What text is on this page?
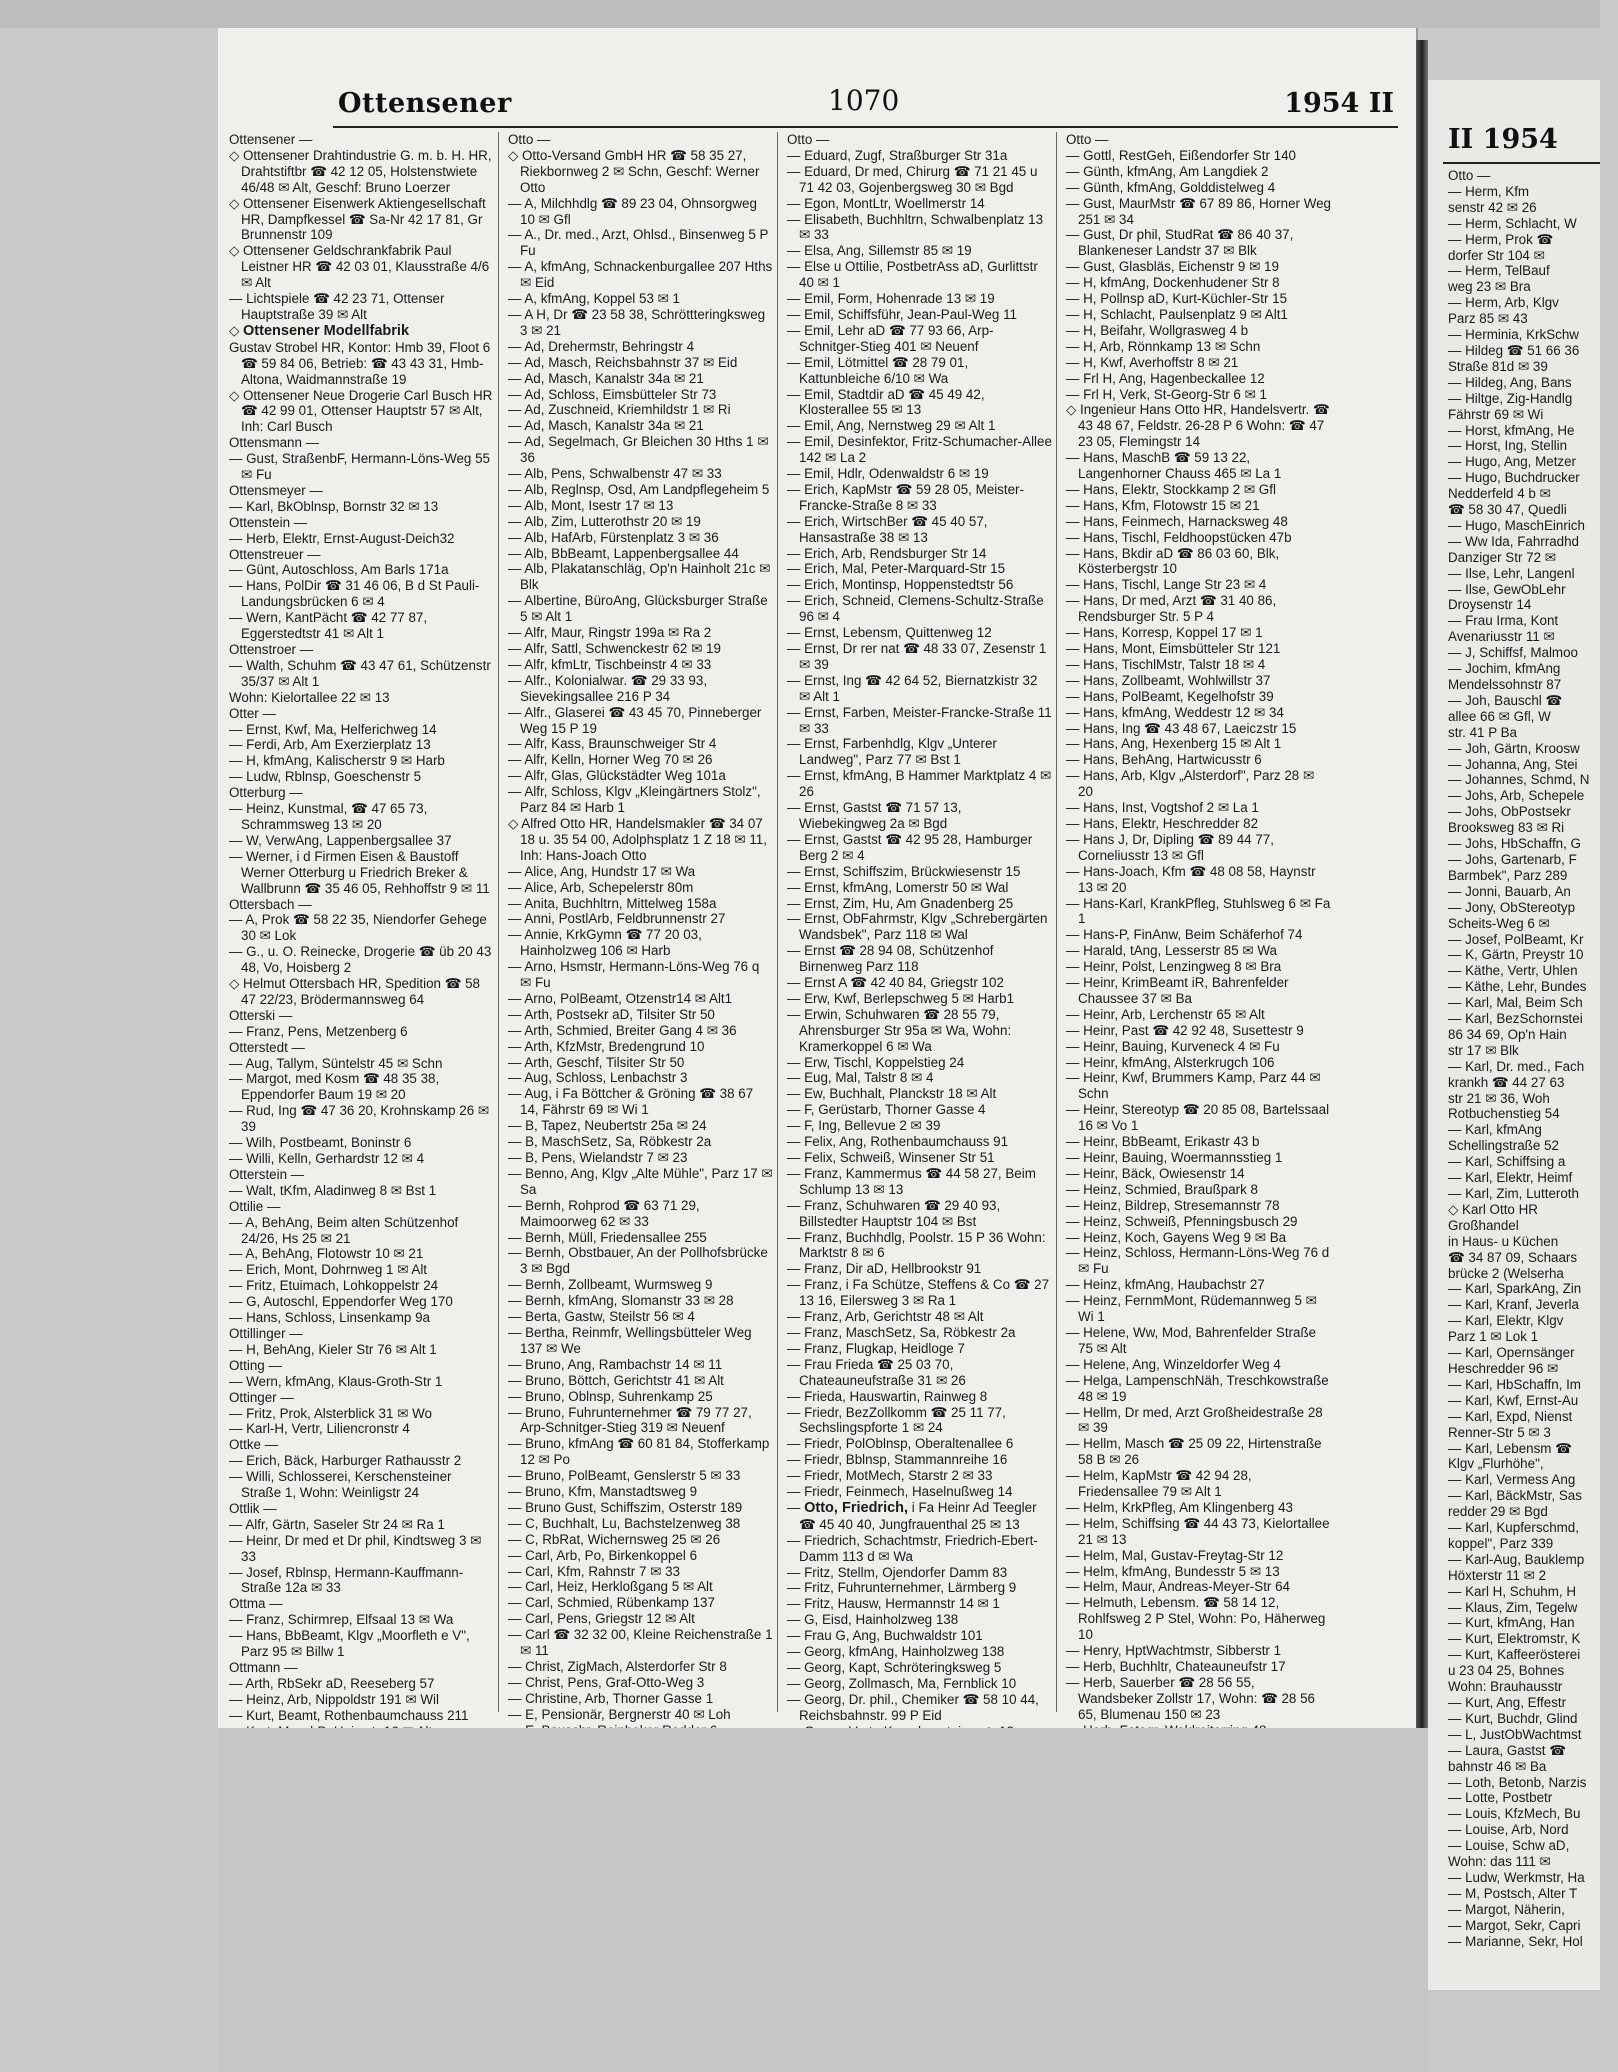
Ottensener	1070	1954 II

Ottensener —

◇ Ottensener Drahtindustrie G. m. b. H. HR, Drahtstiftbr ☎ 42 12 05, Holstenstwiete 46/48 ✉ Alt, Geschf: Bruno Loerzer

◇ Ottensener Eisenwerk Aktiengesellschaft HR, Dampfkessel ☎ Sa-Nr 42 17 81, Gr Brunnenstr 109

◇ Ottensener Geldschrankfabrik Paul Leistner HR ☎ 42 03 01, Klausstraße 4/6 ✉ Alt

— Lichtspiele ☎ 42 23 71, Ottenser Hauptstraße 39 ✉ Alt

◇ Ottensener Modellfabrik

Gustav Strobel HR, Kontor: Hmb 39, Floot 6 ☎ 59 84 06, Betrieb: ☎ 43 43 31, Hmb-Altona, Waidmannstraße 19

◇ Ottensener Neue Drogerie Carl Busch HR ☎ 42 99 01, Ottenser Hauptstr 57 ✉ Alt, Inh: Carl Busch

Ottensmann —

— Gust, StraßenbF, Hermann-Löns-Weg 55 ✉ Fu

Ottensmeyer —

— Karl, BkOblnsp, Bornstr 32 ✉ 13

Ottenstein —

— Herb, Elektr, Ernst-August-Deich32

Ottenstreuer —

— Günt, Autoschloss, Am Barls 171a

— Hans, PolDir ☎ 31 46 06, B d St Pauli-Landungsbrücken 6 ✉ 4

— Wern, KantPächt ☎ 42 77 87, Eggerstedtstr 41 ✉ Alt 1

Ottenstroer —

— Walth, Schuhm ☎ 43 47 61, Schützenstr 35/37 ✉ Alt 1

Wohn: Kielortallee 22 ✉ 13

Otter —

— Ernst, Kwf, Ma, Helferichweg 14

— Ferdi, Arb, Am Exerzierplatz 13

— H, kfmAng, Kalischerstr 9 ✉ Harb

— Ludw, Rblnsp, Goeschenstr 5

Otterburg —

— Heinz, Kunstmal, ☎ 47 65 73, Schrammsweg 13 ✉ 20

— W, VerwAng, Lappenbergsallee 37

— Werner, i d Firmen Eisen & Baustoff Werner Otterburg u Friedrich Breker & Wallbrunn ☎ 35 46 05, Rehhoffstr 9 ✉ 11

Ottersbach —

— A, Prok ☎ 58 22 35, Niendorfer Gehege 30 ✉ Lok

— G., u. O. Reinecke, Drogerie ☎ üb 20 43 48, Vo, Hoisberg 2

◇ Helmut Ottersbach HR, Spedition ☎ 58 47 22/23, Brödermannsweg 64

Otterski —

— Franz, Pens, Metzenberg 6

Otterstedt —

— Aug, Tallym, Süntelstr 45 ✉ Schn

— Margot, med Kosm ☎ 48 35 38, Eppendorfer Baum 19 ✉ 20

— Rud, Ing ☎ 47 36 20, Krohnskamp 26 ✉ 39

— Wilh, Postbeamt, Boninstr 6

— Willi, Kelln, Gerhardstr 12 ✉ 4

Otterstein —

— Walt, tKfm, Aladinweg 8 ✉ Bst 1

Ottilie —

— A, BehAng, Beim alten Schützenhof 24/26, Hs 25 ✉ 21

— A, BehAng, Flotowstr 10 ✉ 21

— Erich, Mont, Dohrnweg 1 ✉ Alt

— Fritz, Etuimach, Lohkoppelstr 24

— G, Autoschl, Eppendorfer Weg 170

— Hans, Schloss, Linsenkamp 9a

Ottillinger —

— H, BehAng, Kieler Str 76 ✉ Alt 1

Otting —

— Wern, kfmAng, Klaus-Groth-Str 1

Ottinger —

— Fritz, Prok, Alsterblick 31 ✉ Wo

— Karl-H, Vertr, Liliencronstr 4

Ottke —

— Erich, Bäck, Harburger Rathausstr 2

— Willi, Schlosserei, Kerschensteiner Straße 1, Wohn: Weinligstr 24

Ottlik —

— Alfr, Gärtn, Saseler Str 24 ✉ Ra 1

— Heinr, Dr med et Dr phil, Kindtsweg 3 ✉ 33

— Josef, Rblnsp, Hermann-Kauffmann-Straße 12a ✉ 33

Ottma —

— Franz, Schirmrep, Elfsaal 13 ✉ Wa

— Hans, BbBeamt, Klgv „Moorfleth e V", Parz 95 ✉ Billw 1

Ottmann —

— Arth, RbSekr aD, Reeseberg 57

— Heinz, Arb, Nippoldstr 191 ✉ Wil

— Kurt, Beamt, Rothenbaumchauss 211

Otto —

◇ Otto-Versand GmbH HR ☎ 58 35 27, Riekbornweg 2 ✉ Schn, Geschf: Werner Otto

— A, Milchhdlg ☎ 89 23 04, Ohnsorgweg 10 ✉ Gfl

— A., Dr. med., Arzt, Ohlsd., Binsenweg 5 P Fu

— A, kfmAng, Schnackenburgallee 207 Hths ✉ Eid

— A, kfmAng, Koppel 53 ✉ 1

— A H, Dr ☎ 23 58 38, Schröttteringksweg 3 ✉ 21

— Ad, Drehermstr, Behringstr 4

— Ad, Masch, Reichsbahnstr 37 ✉ Eid

— Ad, Masch, Kanalstr 34a ✉ 21

— Ad, Schloss, Eimsbütteler Str 73

— Ad, Zuschneid, Kriemhildstr 1 ✉ Ri

— Ad, Masch, Kanalstr 34a ✉ 21

— Ad, Segelmach, Gr Bleichen 30 Hths 1 ✉ 36

— Alb, Pens, Schwalbenstr 47 ✉ 33

— Alb, Reglnsp, Osd, Am Landpflegeheim 5

— Alb, Mont, Isestr 17 ✉ 13

— Alb, Zim, Lutterothstr 20 ✉ 19

— Alb, HafArb, Fürstenplatz 3 ✉ 36

— Alb, BbBeamt, Lappenbergsallee 44

— Alb, Plakatanschläg, Op'n Hainholt 21c ✉ Blk

— Albertine, BüroAng, Glücksburger Straße 5 ✉ Alt 1

— Alfr, Maur, Ringstr 199a ✉ Ra 2

— Alfr, Sattl, Schwenckestr 62 ✉ 19

— Alfr, kfmLtr, Tischbeinstr 4 ✉ 33

— Alfr., Kolonialwar. ☎ 29 33 93, Sievekingsallee 216 P 34

— Alfr., Glaserei ☎ 43 45 70, Pinneberger Weg 15 P 19

— Alfr, Kass, Braunschweiger Str 4

— Alfr, Kelln, Horner Weg 70 ✉ 26

— Alfr, Glas, Glückstädter Weg 101a

— Alfr, Schloss, Klgv „Kleingärtners Stolz", Parz 84 ✉ Harb 1

◇ Alfred Otto HR, Handelsmakler ☎ 34 07 18 u. 35 54 00, Adolphsplatz 1 Z 18 ✉ 11, Inh: Hans-Joach Otto

— Alice, Ang, Hundstr 17 ✉ Wa

— Alice, Arb, Schepelerstr 80m

— Anita, Buchhltrn, Mittelweg 158a

— Anni, PostlArb, Feldbrunnenstr 27

— Annie, KrkGymn ☎ 77 20 03, Hainholzweg 106 ✉ Harb

— Arno, Hsmstr, Hermann-Löns-Weg 76 q ✉ Fu

— Arno, PolBeamt, Otzenstr14 ✉ Alt1

— Arth, Postsekr aD, Tilsiter Str 50

— Arth, Schmied, Breiter Gang 4 ✉ 36

— Arth, KfzMstr, Bredengrund 10

— Arth, Geschf, Tilsiter Str 50

— Aug, Schloss, Lenbachstr 3

— Aug, i Fa Böttcher & Gröning ☎ 38 67 14, Fährstr 69 ✉ Wi 1

— B, Tapez, Neubertstr 25a ✉ 24

— B, MaschSetz, Sa, Röbkestr 2a

— B, Pens, Wielandstr 7 ✉ 23

— Benno, Ang, Klgv „Alte Mühle", Parz 17 ✉ Sa

— Bernh, Rohprod ☎ 63 71 29, Maimoorweg 62 ✉ 33

— Bernh, Müll, Friedensallee 255

— Bernh, Obstbauer, An der Pollhofsbrücke 3 ✉ Bgd

— Bernh, Zollbeamt, Wurmsweg 9

— Bernh, kfmAng, Slomanstr 33 ✉ 28

— Berta, Gastw, Steilstr 56 ✉ 4

— Bertha, Reinmfr, Wellingsbütteler Weg 137 ✉ We

— Bruno, Ang, Rambachstr 14 ✉ 11

— Bruno, Böttch, Gerichtstr 41 ✉ Alt

— Bruno, Oblnsp, Suhrenkamp 25

— Bruno, Fuhrunternehmer ☎ 79 77 27, Arp-Schnitger-Stieg 319 ✉ Neuenf

— Bruno, kfmAng ☎ 60 81 84, Stofferkamp 12 ✉ Po

— Bruno, PolBeamt, Genslerstr 5 ✉ 33

— Bruno, Kfm, Manstadtsweg 9

— Bruno Gust, Schiffszim, Osterstr 189

— C, Buchhalt, Lu, Bachstelzenweg 38

— C, RbRat, Wichernsweg 25 ✉ 26

— Carl, Arb, Po, Birkenkoppel 6

— Carl, Kfm, Rahnstr 7 ✉ 33

— Carl, Heiz, Herkloßgang 5 ✉ Alt

— Carl, Schmied, Rübenkamp 137

— Carl, Pens, Griegstr 12 ✉ Alt

— Carl ☎ 32 32 00, Kleine Reichenstraße 1 ✉ 11

— Christ, ZigMach, Alsterdorfer Str 8

— Christ, Pens, Graf-Otto-Weg 3

— Christine, Arb, Thorner Gasse 1

— E, Pensionär, Bergnerstr 40 ✉ Loh

Otto —

— Eduard, Zugf, Straßburger Str 31a

— Eduard, Dr med, Chirurg ☎ 71 21 45 u 71 42 03, Gojenbergsweg 30 ✉ Bgd

— Egon, MontLtr, Woellmerstr 14

— Elisabeth, Buchhltrn, Schwalbenplatz 13 ✉ 33

— Elsa, Ang, Sillemstr 85 ✉ 19

— Else u Ottilie, PostbetrAss aD, Gurlittstr 40 ✉ 1

— Emil, Form, Hohenrade 13 ✉ 19

— Emil, Schiffsführ, Jean-Paul-Weg 11

— Emil, Lehr aD ☎ 77 93 66, Arp-Schnitger-Stieg 401 ✉ Neuenf

— Emil, Lötmittel ☎ 28 79 01, Kattunbleiche 6/10 ✉ Wa

— Emil, Stadtdir aD ☎ 45 49 42, Klosterallee 55 ✉ 13

— Emil, Ang, Nernstweg 29 ✉ Alt 1

— Emil, Desinfektor, Fritz-Schumacher-Allee 142 ✉ La 2

— Emil, Hdlr, Odenwaldstr 6 ✉ 19

— Erich, KapMstr ☎ 59 28 05, Meister-Francke-Straße 8 ✉ 33

— Erich, WirtschBer ☎ 45 40 57, Hansastraße 38 ✉ 13

— Erich, Arb, Rendsburger Str 14

— Erich, Mal, Peter-Marquard-Str 15

— Erich, Montinsp, Hoppenstedtstr 56

— Erich, Schneid, Clemens-Schultz-Straße 96 ✉ 4

— Ernst, Lebensm, Quittenweg 12

— Ernst, Dr rer nat ☎ 48 33 07, Zesenstr 1 ✉ 39

— Ernst, Ing ☎ 42 64 52, Biernatzkistr 32 ✉ Alt 1

— Ernst, Farben, Meister-Francke-Straße 11 ✉ 33

— Ernst, Farbenhdlg, Klgv „Unterer Landweg", Parz 77 ✉ Bst 1

— Ernst, kfmAng, B Hammer Marktplatz 4 ✉ 26

— Ernst, Gastst ☎ 71 57 13, Wiebekingweg 2a ✉ Bgd

— Ernst, Gastst ☎ 42 95 28, Hamburger Berg 2 ✉ 4

— Ernst, Schiffszim, Brückwiesenstr 15

— Ernst, kfmAng, Lomerstr 50 ✉ Wal

— Ernst, Zim, Hu, Am Gnadenberg 25

— Ernst, ObFahrmstr, Klgv „Schrebergärten Wandsbek", Parz 118 ✉ Wal

— Ernst ☎ 28 94 08, Schützenhof Birnenweg Parz 118

— Ernst A ☎ 42 40 84, Griegstr 102

— Erw, Kwf, Berlepschweg 5 ✉ Harb1

— Erwin, Schuhwaren ☎ 28 55 79, Ahrensburger Str 95a ✉ Wa, Wohn: Kramerkoppel 6 ✉ Wa

— Erw, Tischl, Koppelstieg 24

— Eug, Mal, Talstr 8 ✉ 4

— Ew, Buchhalt, Planckstr 18 ✉ Alt

— F, Gerüstarb, Thorner Gasse 4

— F, Ing, Bellevue 2 ✉ 39

— Felix, Ang, Rothenbaumchauss 91

— Felix, Schweiß, Winsener Str 51

— Franz, Kammermus ☎ 44 58 27, Beim Schlump 13 ✉ 13

— Franz, Schuhwaren ☎ 29 40 93, Billstedter Hauptstr 104 ✉ Bst

— Franz, Buchhdlg, Poolstr. 15 P 36 Wohn: Marktstr 8 ✉ 6

— Franz, Dir aD, Hellbrookstr 91

— Franz, i Fa Schütze, Steffens & Co ☎ 27 13 16, Eilersweg 3 ✉ Ra 1

— Franz, Arb, Gerichtstr 48 ✉ Alt

— Franz, MaschSetz, Sa, Röbkestr 2a

— Franz, Flugkap, Heidloge 7

— Frau Frieda ☎ 25 03 70, Chateauneufstraße 31 ✉ 26

— Frieda, Hauswartin, Rainweg 8

— Friedr, BezZollkomm ☎ 25 11 77, Sechslingspforte 1 ✉ 24

— Friedr, PolOblnsp, Oberaltenallee 6

— Friedr, Bblnsp, Stammannreihe 16

— Friedr, MotMech, Starstr 2 ✉ 33

— Friedr, Feinmech, Haselnußweg 14

— Otto, Friedrich, i Fa Heinr Ad Teegler ☎ 45 40 40, Jungfrauenthal 25 ✉ 13

— Friedrich, Schachtmstr, Friedrich-Ebert-Damm 113 d ✉ Wa

— Fritz, Stellm, Ojendorfer Damm 83

— Fritz, Fuhrunternehmer, Lärmberg 9

— Fritz, Hausw, Hermannstr 14 ✉ 1

— G, Eisd, Hainholzweg 138

— Frau G, Ang, Buchwaldstr 101

— Georg, kfmAng, Hainholzweg 138

— Georg, Kapt, Schröteringksweg 5

— Georg, Zollmasch, Ma, Fernblick 10

— Georg, Dr. phil., Chemiker ☎ 58 10 44, Reichsbahnstr. 99 P Eid

Otto —

— Gottl, RestGeh, Eißendorfer Str 140

— Günth, kfmAng, Am Langdiek 2

— Günth, kfmAng, Golddistelweg 4

— Gust, MaurMstr ☎ 67 89 86, Horner Weg 251 ✉ 34

— Gust, Dr phil, StudRat ☎ 86 40 37, Blankeneser Landstr 37 ✉ Blk

— Gust, Glasbläs, Eichenstr 9 ✉ 19

— H, kfmAng, Dockenhudener Str 8

— H, Pollnsp aD, Kurt-Küchler-Str 15

— H, Schlacht, Paulsenplatz 9 ✉ Alt1

— H, Beifahr, Wollgrasweg 4 b

— H, Arb, Rönnkamp 13 ✉ Schn

— H, Kwf, Averhoffstr 8 ✉ 21

— Frl H, Ang, Hagenbeckallee 12

— Frl H, Verk, St-Georg-Str 6 ✉ 1

◇ Ingenieur Hans Otto HR, Handelsvertr. ☎ 43 48 67, Feldstr. 26-28 P 6 Wohn: ☎ 47 23 05, Flemingstr 14

— Hans, MaschB ☎ 59 13 22, Langenhorner Chauss 465 ✉ La 1

— Hans, Elektr, Stockkamp 2 ✉ Gfl

— Hans, Kfm, Flotowstr 15 ✉ 21

— Hans, Feinmech, Harnacksweg 48

— Hans, Tischl, Feldhoopstücken 47b

— Hans, Bkdir aD ☎ 86 03 60, Blk, Kösterbergstr 10

— Hans, Tischl, Lange Str 23 ✉ 4

— Hans, Dr med, Arzt ☎ 31 40 86, Rendsburger Str. 5 P 4

— Hans, Korresp, Koppel 17 ✉ 1

— Hans, Mont, Eimsbütteler Str 121

— Hans, TischlMstr, Talstr 18 ✉ 4

— Hans, Zollbeamt, Wohlwillstr 37

— Hans, PolBeamt, Kegelhofstr 39

— Hans, kfmAng, Weddestr 12 ✉ 34

— Hans, Ing ☎ 43 48 67, Laeiczstr 15

— Hans, Ang, Hexenberg 15 ✉ Alt 1

— Hans, BehAng, Hartwicusstr 6

— Hans, Arb, Klgv „Alsterdorf", Parz 28 ✉ 20

— Hans, Inst, Vogtshof 2 ✉ La 1

— Hans, Elektr, Heschredder 82

— Hans J, Dr, Dipling ☎ 89 44 77, Corneliusstr 13 ✉ Gfl

— Hans-Joach, Kfm ☎ 48 08 58, Haynstr 13 ✉ 20

— Hans-Karl, KrankPfleg, Stuhlsweg 6 ✉ Fa 1

— Hans-P, FinAnw, Beim Schäferhof 74

— Harald, tAng, Lesserstr 85 ✉ Wa

— Heinr, Polst, Lenzingweg 8 ✉ Bra

— Heinr, KrimBeamt iR, Bahrenfelder Chaussee 37 ✉ Ba

— Heinr, Arb, Lerchenstr 65 ✉ Alt

— Heinr, Past ☎ 42 92 48, Susettestr 9

— Heinr, Bauing, Kurveneck 4 ✉ Fu

— Heinr, kfmAng, Alsterkrugch 106

— Heinr, Kwf, Brummers Kamp, Parz 44 ✉ Schn

— Heinr, Stereotyp ☎ 20 85 08, Bartelssaal 16 ✉ Vo 1

— Heinr, BbBeamt, Erikastr 43 b

— Heinr, Bauing, Woermannsstieg 1

— Heinr, Bäck, Owiesenstr 14

— Heinz, Schmied, Braußpark 8

— Heinz, Bildrep, Stresemannstr 78

— Heinz, Schweiß, Pfenningsbusch 29

— Heinz, Koch, Gayens Weg 9 ✉ Ba

— Heinz, Schloss, Hermann-Löns-Weg 76 d ✉ Fu

— Heinz, kfmAng, Haubachstr 27

— Heinz, FernmMont, Rüdemannweg 5 ✉ Wi 1

— Helene, Ww, Mod, Bahrenfelder Straße 75 ✉ Alt

— Helene, Ang, Winzeldorfer Weg 4

— Helga, LampenschNäh, Treschkowstraße 48 ✉ 19

— Hellm, Dr med, Arzt Großheidestraße 28 ✉ 39

— Hellm, Masch ☎ 25 09 22, Hirtenstraße 58 B ✉ 26

— Helm, KapMstr ☎ 42 94 28, Friedensallee 79 ✉ Alt 1

— Helm, KrkPfleg, Am Klingenberg 43

— Helm, Schiffsing ☎ 44 43 73, Kielortallee 21 ✉ 13

— Helm, Mal, Gustav-Freytag-Str 12

— Helm, kfmAng, Bundesstr 5 ✉ 13

— Helm, Maur, Andreas-Meyer-Str 64

— Helmuth, Lebensm. ☎ 58 14 12, Rohlfsweg 2 P Stel, Wohn: Po, Häherweg 10

— Henry, HptWachtmstr, Sibberstr 1

— Herb, Buchhltr, Chateauneufstr 17

— Herb, Sauerber ☎ 28 56 55, Wandsbeker Zollstr 17, Wohn: ☎ 28 56 65, Blumenau 150 ✉ 23

II 1954

Otto —

— Herm, Kfm

senstr 42 ✉ 26

— Herm, Schlacht, W

— Herm, Prok ☎

dorfer Str 104 ✉

— Herm, TelBauf

weg 23 ✉ Bra

— Herm, Arb, Klgv

Parz 85 ✉ 43

— Herminia, KrkSchw

— Hildeg ☎ 51 66 36

Straße 81d ✉ 39

— Hildeg, Ang, Bans

— Hiltge, Zig-Handlg

Fährstr 69 ✉ Wi

— Horst, kfmAng, He

— Horst, Ing, Stellin

— Hugo, Ang, Metzer

— Hugo, Buchdrucker

Nedderfeld 4 b ✉

☎ 58 30 47, Quedli

— Hugo, MaschEinrich

— Ww Ida, Fahrradhd

Danziger Str 72 ✉

— Ilse, Lehr, Langenl

— Ilse, GewObLehr

Droysenstr 14

— Frau Irma, Kont

Avenariusstr 11 ✉

— J, Schiffsf, Malmoo

— Jochim, kfmAng

Mendelssohnstr 87

— Joh, Bauschl ☎

allee 66 ✉ Gfl, W

str. 41 P Ba

— Joh, Gärtn, Kroosw

— Johanna, Ang, Stei

— Johannes, Schmd, N

— Johs, Arb, Schepele

— Johs, ObPostsekr

Brooksweg 83 ✉ Ri

— Johs, HbSchaffn, G

— Johs, Gartenarb, F

Barmbek", Parz 289

— Jonni, Bauarb, An

— Jony, ObStereotyp

Scheits-Weg 6 ✉

— Josef, PolBeamt, Kr

— K, Gärtn, Preystr 10

— Käthe, Vertr, Uhlen

— Käthe, Lehr, Bundes

— Karl, Mal, Beim Sch

— Karl, BezSchornstei

86 34 69, Op'n Hain

str 17 ✉ Blk

— Karl, Dr. med., Fach

krankh ☎ 44 27 63

str 21 ✉ 36, Woh

Rotbuchenstieg 54

— Karl, kfmAng

Schellingstraße 52

— Karl, Schiffsing a

— Karl, Elektr, Heimf

— Karl, Zim, Lutteroth

◇ Karl Otto HR

Großhandel

in Haus- u Küchen

☎ 34 87 09, Schaars

brücke 2 (Welserha

— Karl, SparkAng, Zin

— Karl, Kranf, Jeverla

— Karl, Elektr, Klgv

Parz 1 ✉ Lok 1

— Karl, Opernsänger

Heschredder 96 ✉

— Karl, HbSchaffn, Im

— Karl, Kwf, Ernst-Au

— Karl, Expd, Nienst

Renner-Str 5 ✉ 3

— Karl, Lebensm ☎

Klgv „Flurhöhe",

— Karl, Vermess Ang

— Karl, BäckMstr, Sas

redder 29 ✉ Bgd

— Karl, Kupferschmd,

koppel", Parz 339

— Karl-Aug, Bauklemp

Höxterstr 11 ✉ 2

— Karl H, Schuhm, H

— Klaus, Zim, Tegelw

— Kurt, kfmAng, Han

— Kurt, Elektromstr, K

— Kurt, Kaffeerösterei

u 23 04 25, Bohnes

Wohn: Brauhausstr

— Kurt, Ang, Effestr

— Kurt, Buchdr, Glind

— L, JustObWachtmst

— Laura, Gastst ☎

bahnstr 46 ✉ Ba

— Loth, Betonb, Narzis

— Lotte, Postbetr

— Louis, KfzMech, Bu

— Louise, Arb, Nord

— Louise, Schw aD,

Wohn: das 111 ✉

— Ludw, Werkmstr, Ha

— M, Postsch, Alter T

— Margot, Näherin,

— Margot, Sekr, Capri

— Marianne, Sekr, Hol
